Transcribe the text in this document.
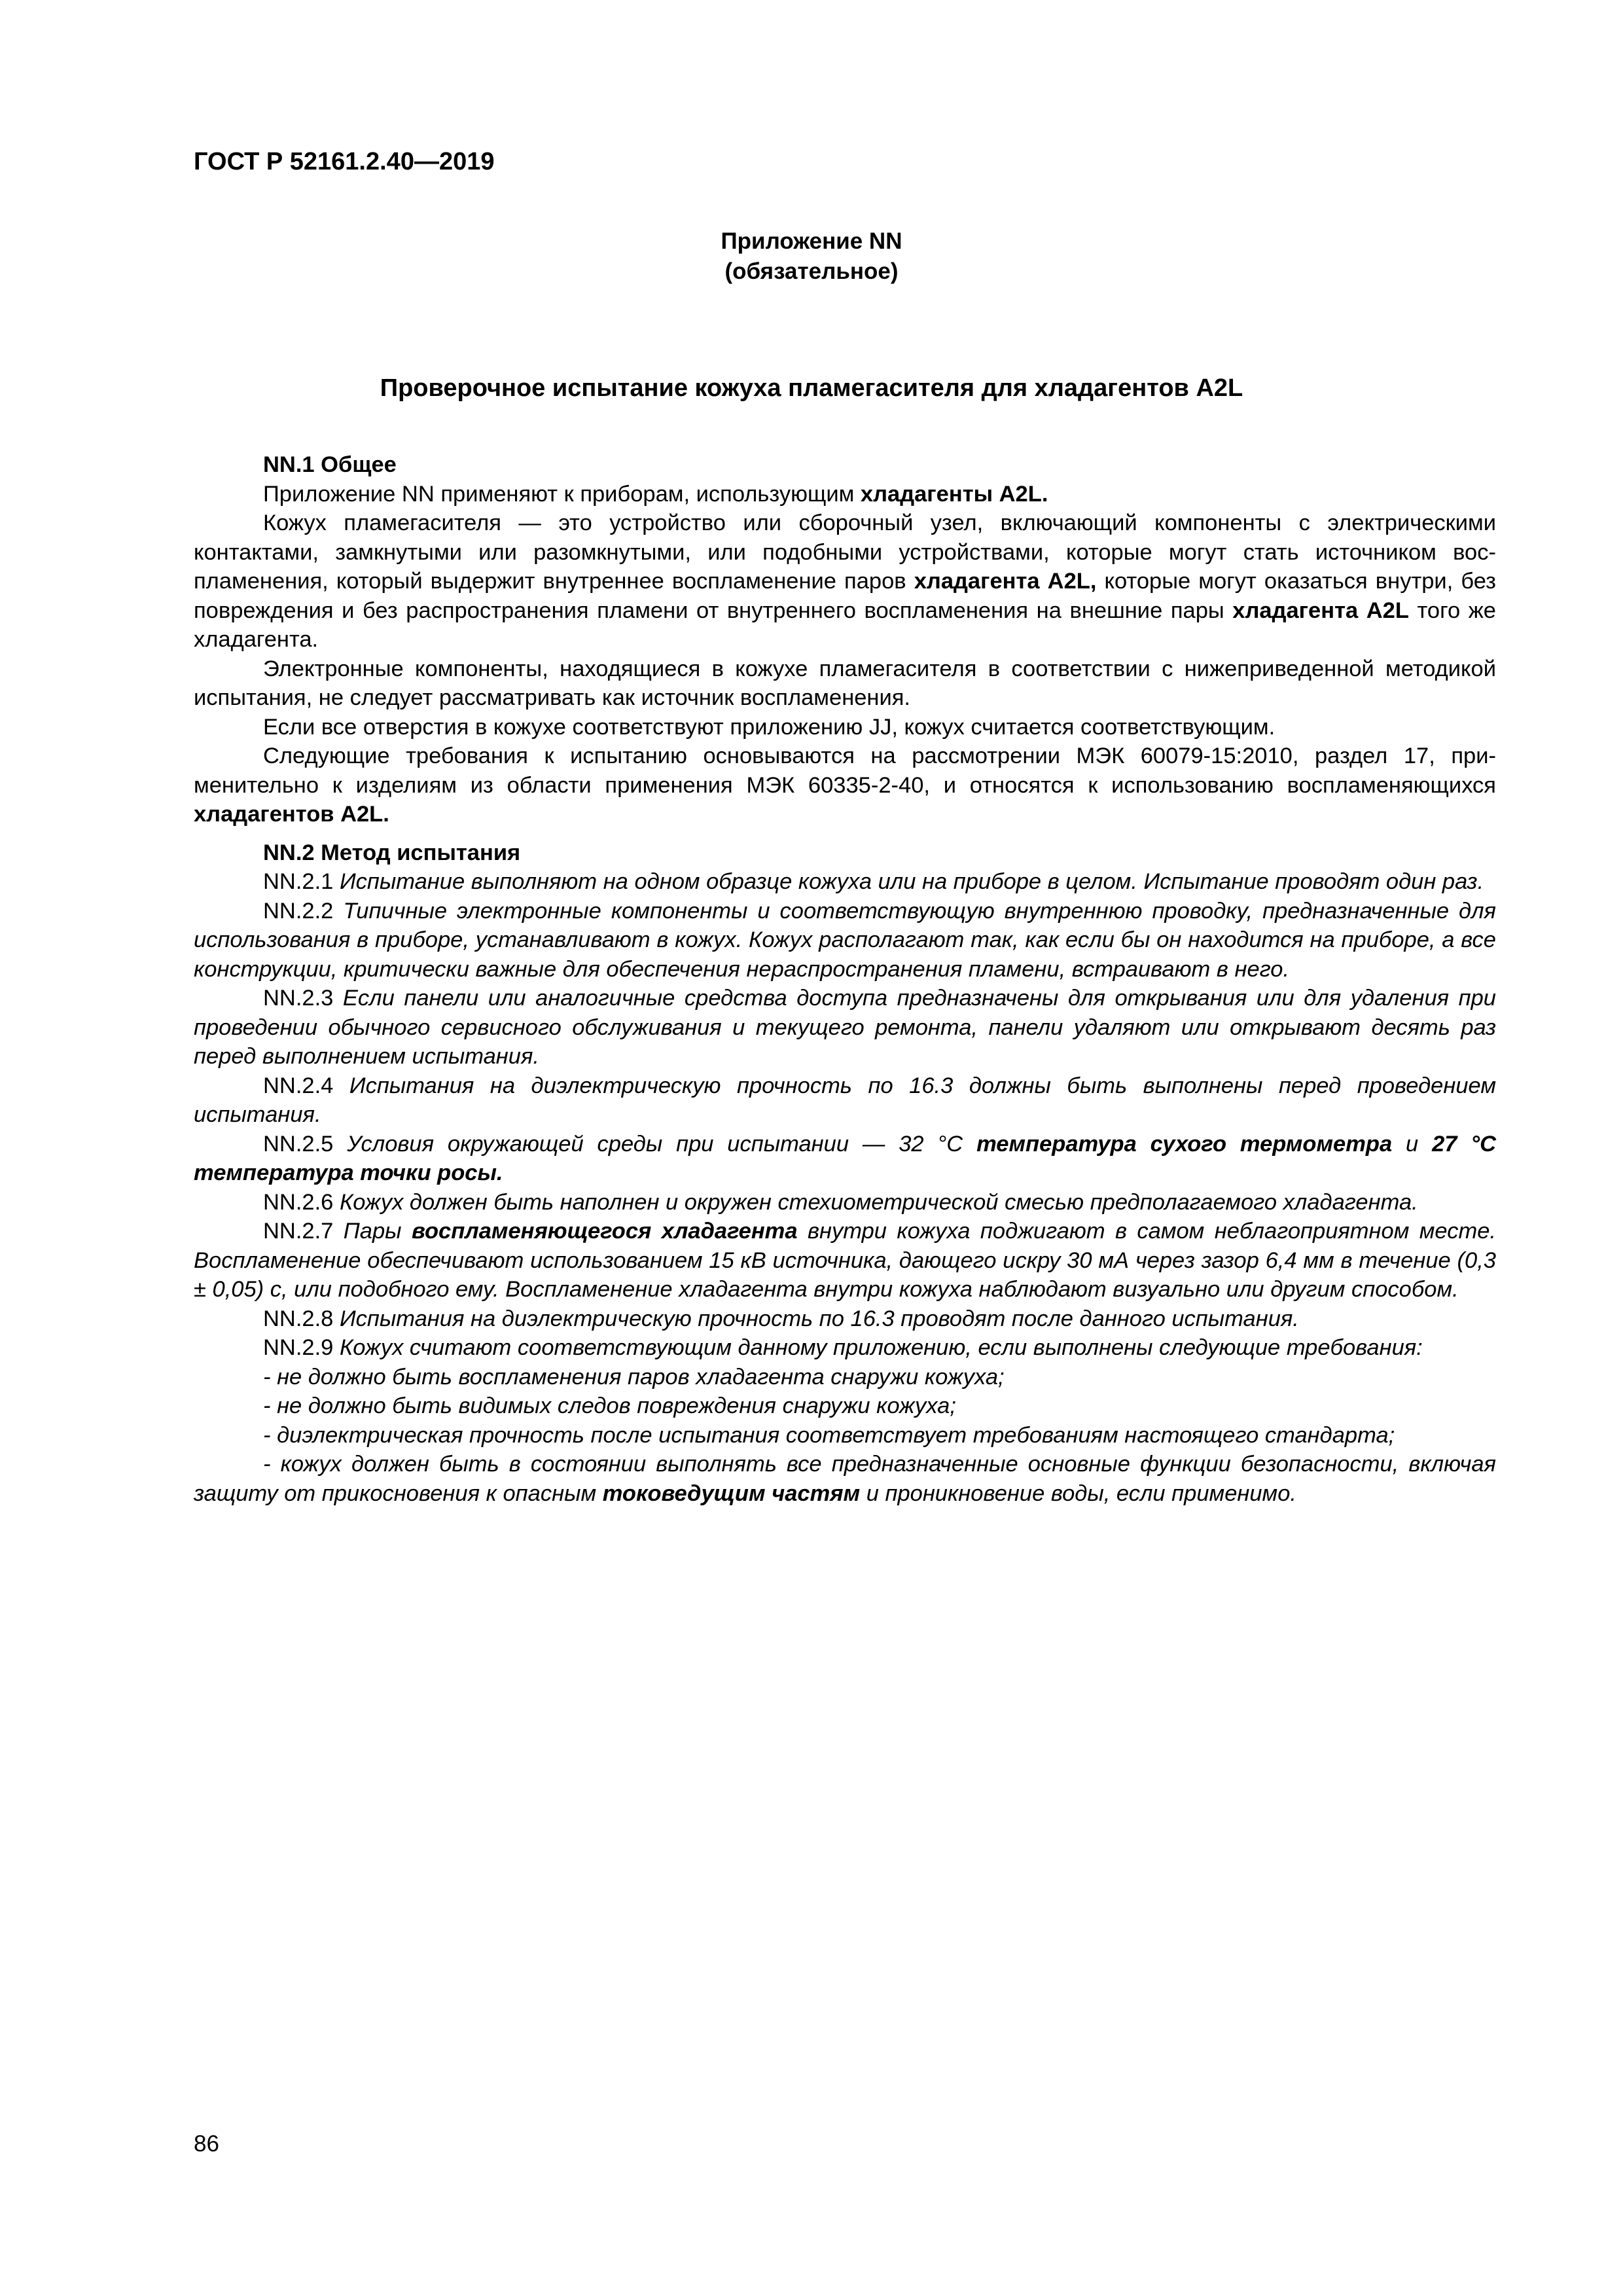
ГОСТ Р 52161.2.40—2019
Приложение NN
(обязательное)
Проверочное испытание кожуха пламегасителя для хладагентов A2L

NN.1 Общее

Приложение NN применяют к приборам, использующим хладагенты A2L.

Кожух пламегасителя — это устройство или сборочный узел, включающий компоненты с электрическими контактами, замкнутыми или разомкнутыми, или подобными устройствами, которые могут стать источником воспламенения, который выдержит внутреннее воспламенение паров хладагента A2L, которые могут оказаться внутри, без повреждения и без распространения пламени от внутреннего воспламенения на внешние пары хладагента A2L того же хладагента.

Электронные компоненты, находящиеся в кожухе пламегасителя в соответствии с нижеприведенной методикой испытания, не следует рассматривать как источник воспламенения.

Если все отверстия в кожухе соответствуют приложению JJ, кожух считается соответствующим.

Следующие требования к испытанию основываются на рассмотрении МЭК 60079-15:2010, раздел 17, применительно к изделиям из области применения МЭК 60335-2-40, и относятся к использованию воспламеняющихся хладагентов A2L.

NN.2 Метод испытания

NN.2.1 Испытание выполняют на одном образце кожуха или на приборе в целом. Испытание проводят один раз.

NN.2.2 Типичные электронные компоненты и соответствующую внутреннюю проводку, предназначенные для использования в приборе, устанавливают в кожух. Кожух располагают так, как если бы он находится на приборе, а все конструкции, критически важные для обеспечения нераспространения пламени, встраивают в него.

NN.2.3 Если панели или аналогичные средства доступа предназначены для открывания или для удаления при проведении обычного сервисного обслуживания и текущего ремонта, панели удаляют или открывают десять раз перед выполнением испытания.

NN.2.4 Испытания на диэлектрическую прочность по 16.3 должны быть выполнены перед проведением испытания.

NN.2.5 Условия окружающей среды при испытании — 32 °С температура сухого термометра и 27 °С температура точки росы.

NN.2.6 Кожух должен быть наполнен и окружен стехиометрической смесью предполагаемого хладагента.

NN.2.7 Пары воспламеняющегося хладагента внутри кожуха поджигают в самом неблагоприятном месте. Воспламенение обеспечивают использованием 15 кВ источника, дающего искру 30 мА через зазор 6,4 мм в течение (0,3 ± 0,05) с, или подобного ему. Воспламенение хладагента внутри кожуха наблюдают визуально или другим способом.

NN.2.8 Испытания на диэлектрическую прочность по 16.3 проводят после данного испытания.

NN.2.9 Кожух считают соответствующим данному приложению, если выполнены следующие требования:

- не должно быть воспламенения паров хладагента снаружи кожуха;

- не должно быть видимых следов повреждения снаружи кожуха;

- диэлектрическая прочность после испытания соответствует требованиям настоящего стандарта;

- кожух должен быть в состоянии выполнять все предназначенные основные функции безопасности, включая защиту от прикосновения к опасным токоведущим частям и проникновение воды, если применимо.

86
